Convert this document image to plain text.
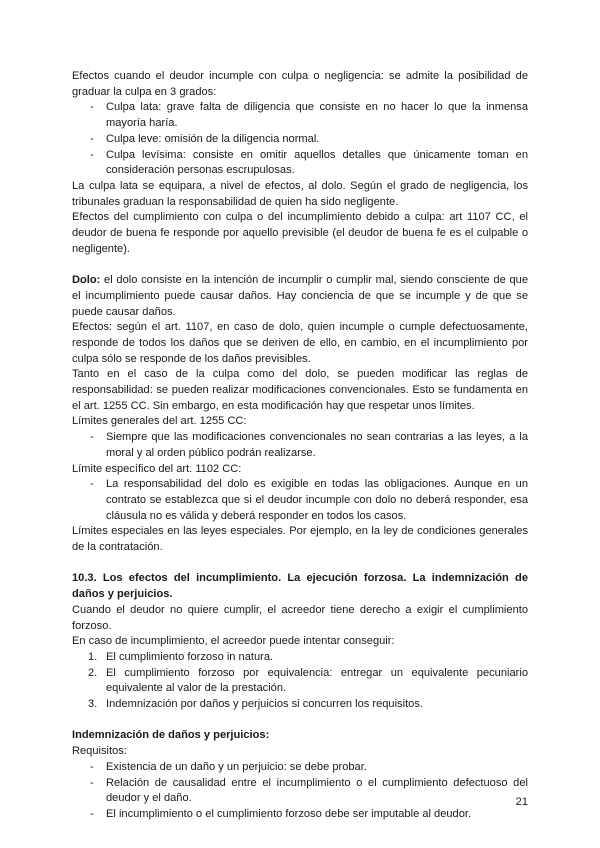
Efectos cuando el deudor incumple con culpa o negligencia: se admite la posibilidad de graduar la culpa en 3 grados:

- Culpa lata: grave falta de diligencia que consiste en no hacer lo que la inmensa mayoría haría.
- Culpa leve: omisión de la diligencia normal.
- Culpa levísima: consiste en omitir aquellos detalles que únicamente toman en consideración personas escrupulosas.

La culpa lata se equipara, a nivel de efectos, al dolo. Según el grado de negligencia, los tribunales graduan la responsabilidad de quien ha sido negligente.

Efectos del cumplimiento con culpa o del incumplimiento debido a culpa: art 1107 CC, el deudor de buena fe responde por aquello previsible (el deudor de buena fe es el culpable o negligente).

Dolo: el dolo consiste en la intención de incumplir o cumplir mal, siendo consciente de que el incumplimiento puede causar daños. Hay conciencia de que se incumple y de que se puede causar daños.

Efectos: según el art. 1107, en caso de dolo, quien incumple o cumple defectuosamente, responde de todos los daños que se deriven de ello, en cambio, en el incumplimiento por culpa sólo se responde de los daños previsibles.

Tanto en el caso de la culpa como del dolo, se pueden modificar las reglas de responsabilidad: se pueden realizar modificaciones convencionales. Esto se fundamenta en el art. 1255 CC. Sin embargo, en esta modificación hay que respetar unos límites.

Límites generales del art. 1255 CC:

- Siempre que las modificaciones convencionales no sean contrarias a las leyes, a la moral y al orden público podrán realizarse.

Límite específico del art. 1102 CC:

- La responsabilidad del dolo es exigible en todas las obligaciones. Aunque en un contrato se establezca que si el deudor incumple con dolo no deberá responder, esa cláusula no es válida y deberá responder en todos los casos.

Límites especiales en las leyes especiales. Por ejemplo, en la ley de condiciones generales de la contratación.

10.3. Los efectos del incumplimiento. La ejecución forzosa. La indemnización de daños y perjuicios.

Cuando el deudor no quiere cumplir, el acreedor tiene derecho a exigir el cumplimiento forzoso.

En caso de incumplimiento, el acreedor puede intentar conseguir:

1. El cumplimiento forzoso in natura.
2. El cumplimiento forzoso por equivalencia: entregar un equivalente pecuniario equivalente al valor de la prestación.
3. Indemnización por daños y perjuicios si concurren los requisitos.

Indemnización de daños y perjuicios:

Requisitos:

- Existencia de un daño y un perjuicio: se debe probar.
- Relación de causalidad entre el incumplimiento o el cumplimiento defectuoso del deudor y el daño.
- El incumplimiento o el cumplimiento forzoso debe ser imputable al deudor.
21
